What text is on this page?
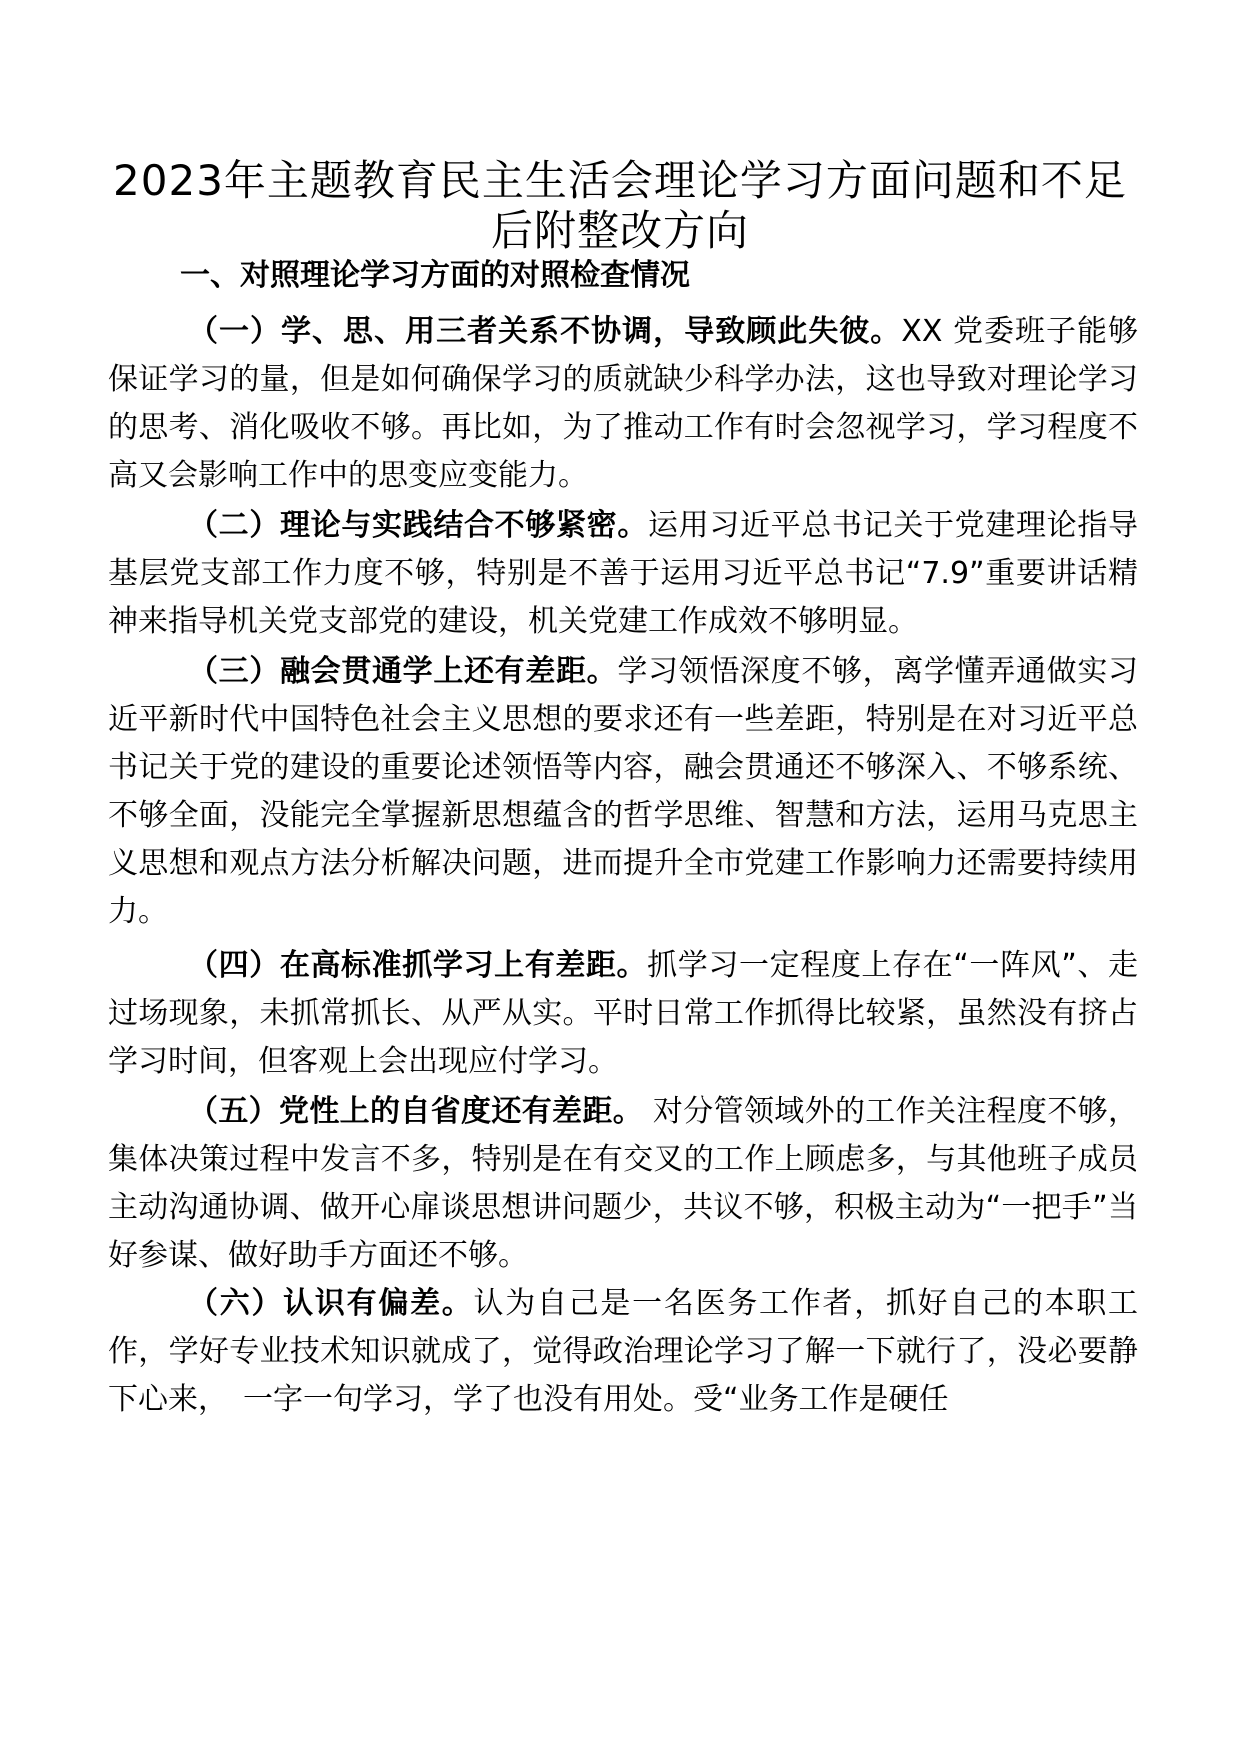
2023年主题教育民主生活会理论学习方面问题和不足
后附整改方向
一、对照理论学习方面的对照检查情况

（一）学、思、用三者关系不协调，导致顾此失彼。XX 党委班子能够保证学习的量，但是如何确保学习的质就缺少科学办法，这也导致对理论学习的思考、消化吸收不够。再比如，为了推动工作有时会忽视学习，学习程度不高又会影响工作中的思变应变能力。

（二）理论与实践结合不够紧密。运用习近平总书记关于党建理论指导基层党支部工作力度不够，特别是不善于运用习近平总书记“7.9”重要讲话精神来指导机关党支部党的建设，机关党建工作成效不够明显。

（三）融会贯通学上还有差距。学习领悟深度不够，离学懂弄通做实习近平新时代中国特色社会主义思想的要求还有一些差距，特别是在对习近平总书记关于党的建设的重要论述领悟等内容，融会贯通还不够深入、不够系统、不够全面，没能完全掌握新思想蕴含的哲学思维、智慧和方法，运用马克思主义思想和观点方法分析解决问题，进而提升全市党建工作影响力还需要持续用力。

（四）在高标准抓学习上有差距。抓学习一定程度上存在“一阵风”、走过场现象，未抓常抓长、从严从实。平时日常工作抓得比较紧，虽然没有挤占学习时间，但客观上会出现应付学习。

（五）党性上的自省度还有差距。 对分管领域外的工作关注程度不够，集体决策过程中发言不多，特别是在有交叉的工作上顾虑多，与其他班子成员主动沟通协调、做开心扉谈思想讲问题少，共议不够，积极主动为“一把手”当好参谋、做好助手方面还不够。

（六）认识有偏差。认为自己是一名医务工作者，抓好自己的本职工作，学好专业技术知识就成了，觉得政治理论学习了解一下就行了，没必要静下心来，　一字一句学习，学了也没有用处。受“业务工作是硬任
